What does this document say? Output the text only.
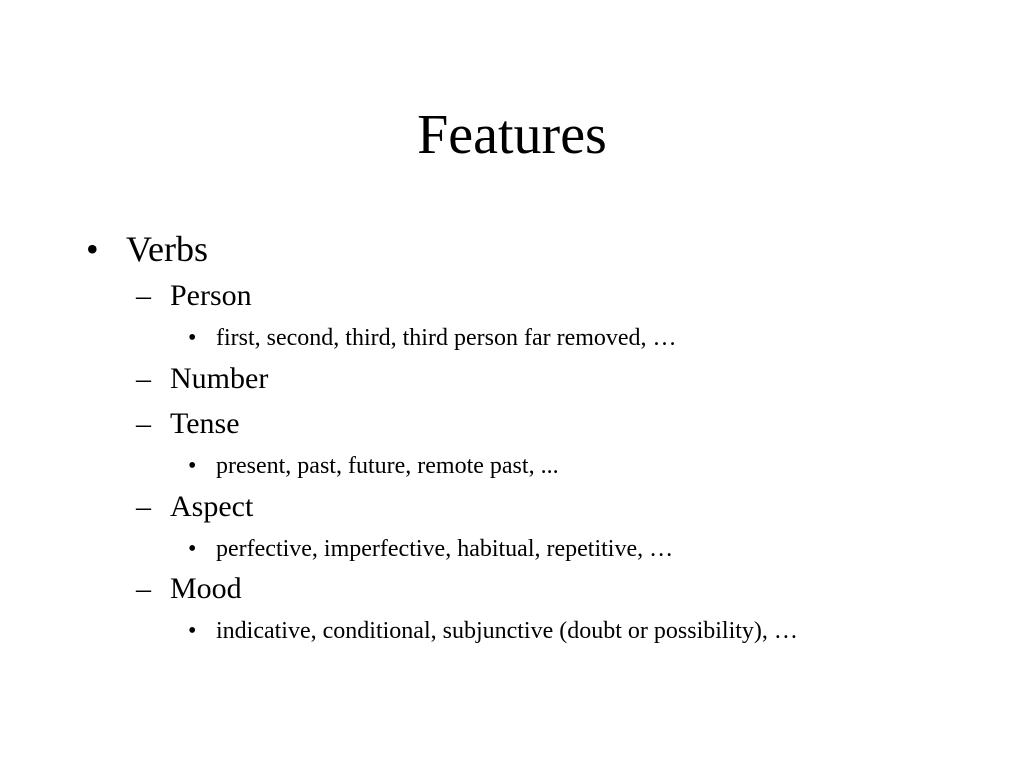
Features
• Verbs
– Person
• first, second, third, third person far removed, …
– Number
– Tense
• present, past, future, remote past, ...
– Aspect
• perfective, imperfective, habitual, repetitive, …
– Mood
• indicative, conditional, subjunctive (doubt or possibility), …
